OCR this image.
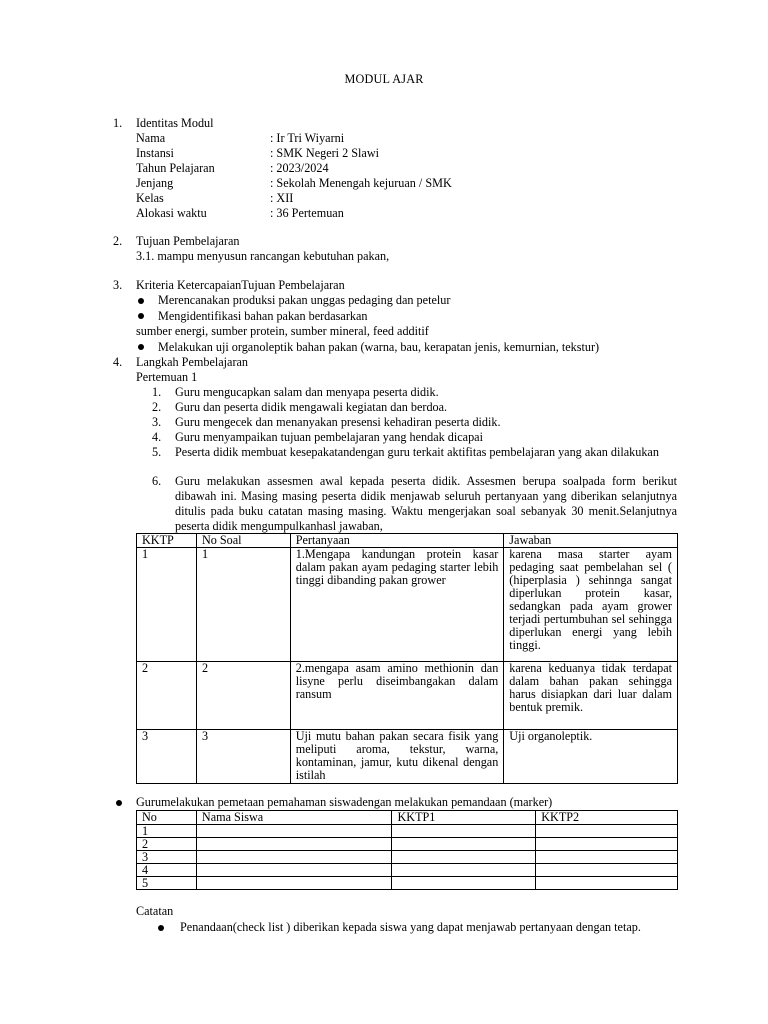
MODUL AJAR
1.	Identitas Modul
Nama	: Ir Tri Wiyarni
Instansi	: SMK Negeri 2 Slawi
Tahun Pelajaran	: 2023/2024
Jenjang	: Sekolah Menengah kejuruan / SMK
Kelas	: XII
Alokasi waktu	: 36 Pertemuan
2.	Tujuan Pembelajaran
3.1. mampu menyusun rancangan kebutuhan pakan,
3.	Kriteria KetercapaianTujuan Pembelajaran
Merencanakan produksi pakan unggas pedaging dan petelur
Mengidentifikasi bahan pakan berdasarkan
sumber energi, sumber protein, sumber mineral, feed additif
Melakukan uji organoleptik bahan pakan (warna, bau, kerapatan jenis, kemurnian, tekstur)
4.	Langkah Pembelajaran
Pertemuan 1
1. Guru mengucapkan salam dan menyapa peserta didik.
2. Guru dan peserta didik mengawali kegiatan dan berdoa.
3. Guru mengecek dan menanyakan presensi kehadiran peserta didik.
4. Guru menyampaikan tujuan pembelajaran yang hendak dicapai
5. Peserta didik membuat kesepakatandengan guru terkait aktifitas pembelajaran yang akan dilakukan
6. Guru melakukan assesmen awal kepada peserta didik. Assesmen berupa soalpada form berikut dibawah ini. Masing masing peserta didik menjawab seluruh pertanyaan yang diberikan selanjutnya ditulis pada buku catatan masing masing. Waktu mengerjakan soal sebanyak 30 menit.Selanjutnya peserta didik mengumpulkanhasl jawaban,
KKTP	No Soal	Pertanyaan	Jawaban
1	1	1.Mengapa kandungan protein kasar dalam pakan ayam pedaging starter lebih tinggi dibanding pakan grower	karena masa starter ayam pedaging saat pembelahan sel ( (hiperplasia ) sehinnga sangat diperlukan protein kasar, sedangkan pada ayam grower terjadi pertumbuhan sel sehingga diperlukan energi yang lebih tinggi.
2	2	2.mengapa asam amino methionin dan lisyne perlu diseimbangakan dalam ransum	karena keduanya tidak terdapat dalam bahan pakan sehingga harus disiapkan dari luar dalam bentuk premik.
3	3	Uji mutu bahan pakan secara fisik yang meliputi aroma, tekstur, warna, kontaminan, jamur, kutu dikenal dengan istilah	Uji organoleptik.
Gurumelakukan pemetaan pemahaman siswadengan melakukan pemandaan (marker)
No	Nama Siswa	KKTP1	KKTP2
1			
2			
3			
4			
5			
Catatan
Penandaan(check list ) diberikan kepada siswa yang dapat menjawab pertanyaan dengan tetap.
